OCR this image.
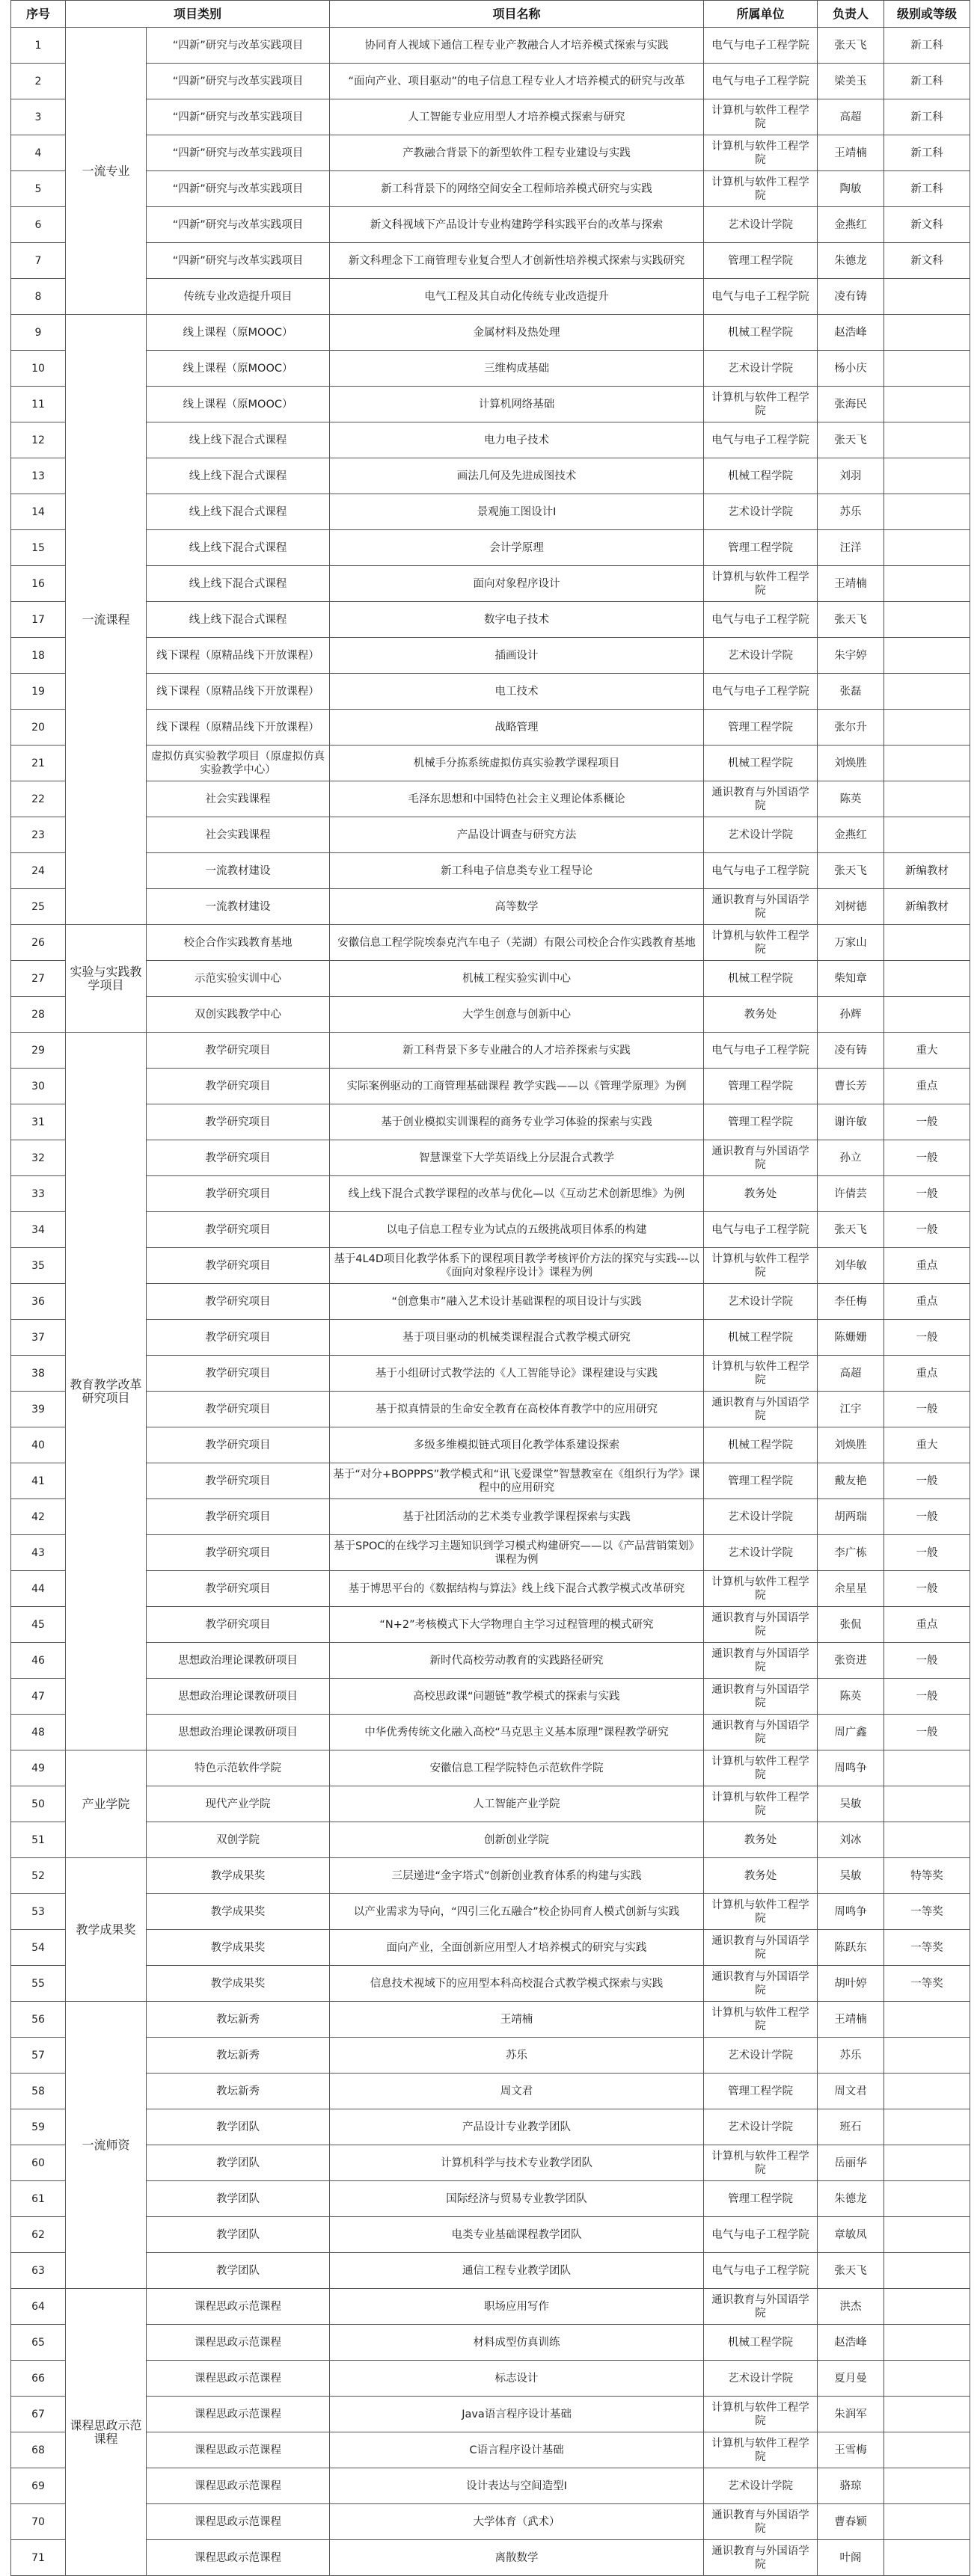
序号	项目类别		项目名称	所属单位	负责人	级别或等级
1	一流专业	“四新”研究与改革实践项目	协同育人视域下通信工程专业产教融合人才培养模式探索与实践	电气与电子工程学院	张天飞	新工科
2		“四新”研究与改革实践项目	“面向产业、项目驱动”的电子信息工程专业人才培养模式的研究与改革	电气与电子工程学院	梁美玉	新工科
3		“四新”研究与改革实践项目	人工智能专业应用型人才培养模式探索与研究	计算机与软件工程学院	高超	新工科
4		“四新”研究与改革实践项目	产教融合背景下的新型软件工程专业建设与实践	计算机与软件工程学院	王靖楠	新工科
5		“四新”研究与改革实践项目	新工科背景下的网络空间安全工程师培养模式研究与实践	计算机与软件工程学院	陶敏	新工科
6		“四新”研究与改革实践项目	新文科视域下产品设计专业构建跨学科实践平台的改革与探索	艺术设计学院	金燕红	新文科
7		“四新”研究与改革实践项目	新文科理念下工商管理专业复合型人才创新性培养模式探索与实践研究	管理工程学院	朱德龙	新文科
8		传统专业改造提升项目	电气工程及其自动化传统专业改造提升	电气与电子工程学院	凌有铸	
9	一流课程	线上课程（原MOOC）	金属材料及热处理	机械工程学院	赵浩峰	
10		线上课程（原MOOC）	三维构成基础	艺术设计学院	杨小庆	
11		线上课程（原MOOC）	计算机网络基础	计算机与软件工程学院	张海民	
12		线上线下混合式课程	电力电子技术	电气与电子工程学院	张天飞	
13		线上线下混合式课程	画法几何及先进成图技术	机械工程学院	刘羽	
14		线上线下混合式课程	景观施工图设计I	艺术设计学院	苏乐	
15		线上线下混合式课程	会计学原理	管理工程学院	汪洋	
16		线上线下混合式课程	面向对象程序设计	计算机与软件工程学院	王靖楠	
17		线上线下混合式课程	数字电子技术	电气与电子工程学院	张天飞	
18		线下课程（原精品线下开放课程）	插画设计	艺术设计学院	朱宇婷	
19		线下课程（原精品线下开放课程）	电工技术	电气与电子工程学院	张磊	
20		线下课程（原精品线下开放课程）	战略管理	管理工程学院	张尔升	
21		虚拟仿真实验教学项目（原虚拟仿真实验教学中心）	机械手分拣系统虚拟仿真实验教学课程项目	机械工程学院	刘焕胜	
22		社会实践课程	毛泽东思想和中国特色社会主义理论体系概论	通识教育与外国语学院	陈英	
23		社会实践课程	产品设计调查与研究方法	艺术设计学院	金燕红	
24		一流教材建设	新工科电子信息类专业工程导论	电气与电子工程学院	张天飞	新编教材
25		一流教材建设	高等数学	通识教育与外国语学院	刘树德	新编教材
26	实验与实践教学项目	校企合作实践教育基地	安徽信息工程学院埃泰克汽车电子（芜湖）有限公司校企合作实践教育基地	计算机与软件工程学院	万家山	
27		示范实验实训中心	机械工程实验实训中心	机械工程学院	柴知章	
28		双创实践教学中心	大学生创意与创新中心	教务处	孙辉	
29	教育教学改革研究项目	教学研究项目	新工科背景下多专业融合的人才培养探索与实践	电气与电子工程学院	凌有铸	重大
30		教学研究项目	实际案例驱动的工商管理基础课程 教学实践——以《管理学原理》为例	管理工程学院	曹长芳	重点
31		教学研究项目	基于创业模拟实训课程的商务专业学习体验的探索与实践	管理工程学院	谢许敏	一般
32		教学研究项目	智慧课堂下大学英语线上分层混合式教学	通识教育与外国语学院	孙立	一般
33		教学研究项目	线上线下混合式教学课程的改革与优化—以《互动艺术创新思维》为例	教务处	许倩芸	一般
34		教学研究项目	以电子信息工程专业为试点的五级挑战项目体系的构建	电气与电子工程学院	张天飞	一般
35		教学研究项目	基于4L4D项目化教学体系下的课程项目教学考核评价方法的探究与实践---以《面向对象程序设计》课程为例	计算机与软件工程学院	刘华敏	重点
36		教学研究项目	“创意集市”融入艺术设计基础课程的项目设计与实践	艺术设计学院	李任梅	重点
37		教学研究项目	基于项目驱动的机械类课程混合式教学模式研究	机械工程学院	陈姗姗	一般
38		教学研究项目	基于小组研讨式教学法的《人工智能导论》课程建设与实践	计算机与软件工程学院	高超	重点
39		教学研究项目	基于拟真情景的生命安全教育在高校体育教学中的应用研究	通识教育与外国语学院	江宇	一般
40		教学研究项目	多级多维模拟链式项目化教学体系建设探索	机械工程学院	刘焕胜	重大
41		教学研究项目	基于“对分+BOPPPS”教学模式和“讯飞爱课堂”智慧教室在《组织行为学》课程中的应用研究	管理工程学院	戴友艳	一般
42		教学研究项目	基于社团活动的艺术类专业教学课程探索与实践	艺术设计学院	胡两瑞	一般
43		教学研究项目	基于SPOC的在线学习主题知识到学习模式构建研究——以《产品营销策划》课程为例	艺术设计学院	李广栋	一般
44		教学研究项目	基于博思平台的《数据结构与算法》线上线下混合式教学模式改革研究	计算机与软件工程学院	余星星	一般
45		教学研究项目	“N+2”考核模式下大学物理自主学习过程管理的模式研究	通识教育与外国语学院	张侃	重点
46		思想政治理论课教研项目	新时代高校劳动教育的实践路径研究	通识教育与外国语学院	张资进	一般
47		思想政治理论课教研项目	高校思政课“问题链”教学模式的探索与实践	通识教育与外国语学院	陈英	一般
48		思想政治理论课教研项目	中华优秀传统文化融入高校“马克思主义基本原理”课程教学研究	通识教育与外国语学院	周广鑫	一般
49	产业学院	特色示范软件学院	安徽信息工程学院特色示范软件学院	计算机与软件工程学院	周鸣争	
50		现代产业学院	人工智能产业学院	计算机与软件工程学院	吴敏	
51		双创学院	创新创业学院	教务处	刘冰	
52	教学成果奖	教学成果奖	三层递进“金字塔式”创新创业教育体系的构建与实践	教务处	吴敏	特等奖
53		教学成果奖	以产业需求为导向，“四引三化五融合”校企协同育人模式创新与实践	计算机与软件工程学院	周鸣争	一等奖
54		教学成果奖	面向产业，全面创新应用型人才培养模式的研究与实践	通识教育与外国语学院	陈跃东	一等奖
55		教学成果奖	信息技术视域下的应用型本科高校混合式教学模式探索与实践	通识教育与外国语学院	胡叶婷	一等奖
56	一流师资	教坛新秀	王靖楠	计算机与软件工程学院	王靖楠	
57		教坛新秀	苏乐	艺术设计学院	苏乐	
58		教坛新秀	周文君	管理工程学院	周文君	
59		教学团队	产品设计专业教学团队	艺术设计学院	班石	
60		教学团队	计算机科学与技术专业教学团队	计算机与软件工程学院	岳丽华	
61		教学团队	国际经济与贸易专业教学团队	管理工程学院	朱德龙	
62		教学团队	电类专业基础课程教学团队	电气与电子工程学院	章敏凤	
63		教学团队	通信工程专业教学团队	电气与电子工程学院	张天飞	
64	课程思政示范课程	课程思政示范课程	职场应用写作	通识教育与外国语学院	洪杰	
65		课程思政示范课程	材料成型仿真训练	机械工程学院	赵浩峰	
66		课程思政示范课程	标志设计	艺术设计学院	夏月曼	
67		课程思政示范课程	Java语言程序设计基础	计算机与软件工程学院	朱润军	
68		课程思政示范课程	C语言程序设计基础	计算机与软件工程学院	王雪梅	
69		课程思政示范课程	设计表达与空间造型Ⅰ	艺术设计学院	骆琼	
70		课程思政示范课程	大学体育（武术）	通识教育与外国语学院	曹春颖	
71		课程思政示范课程	离散数学	通识教育与外国语学院	叶阁	
